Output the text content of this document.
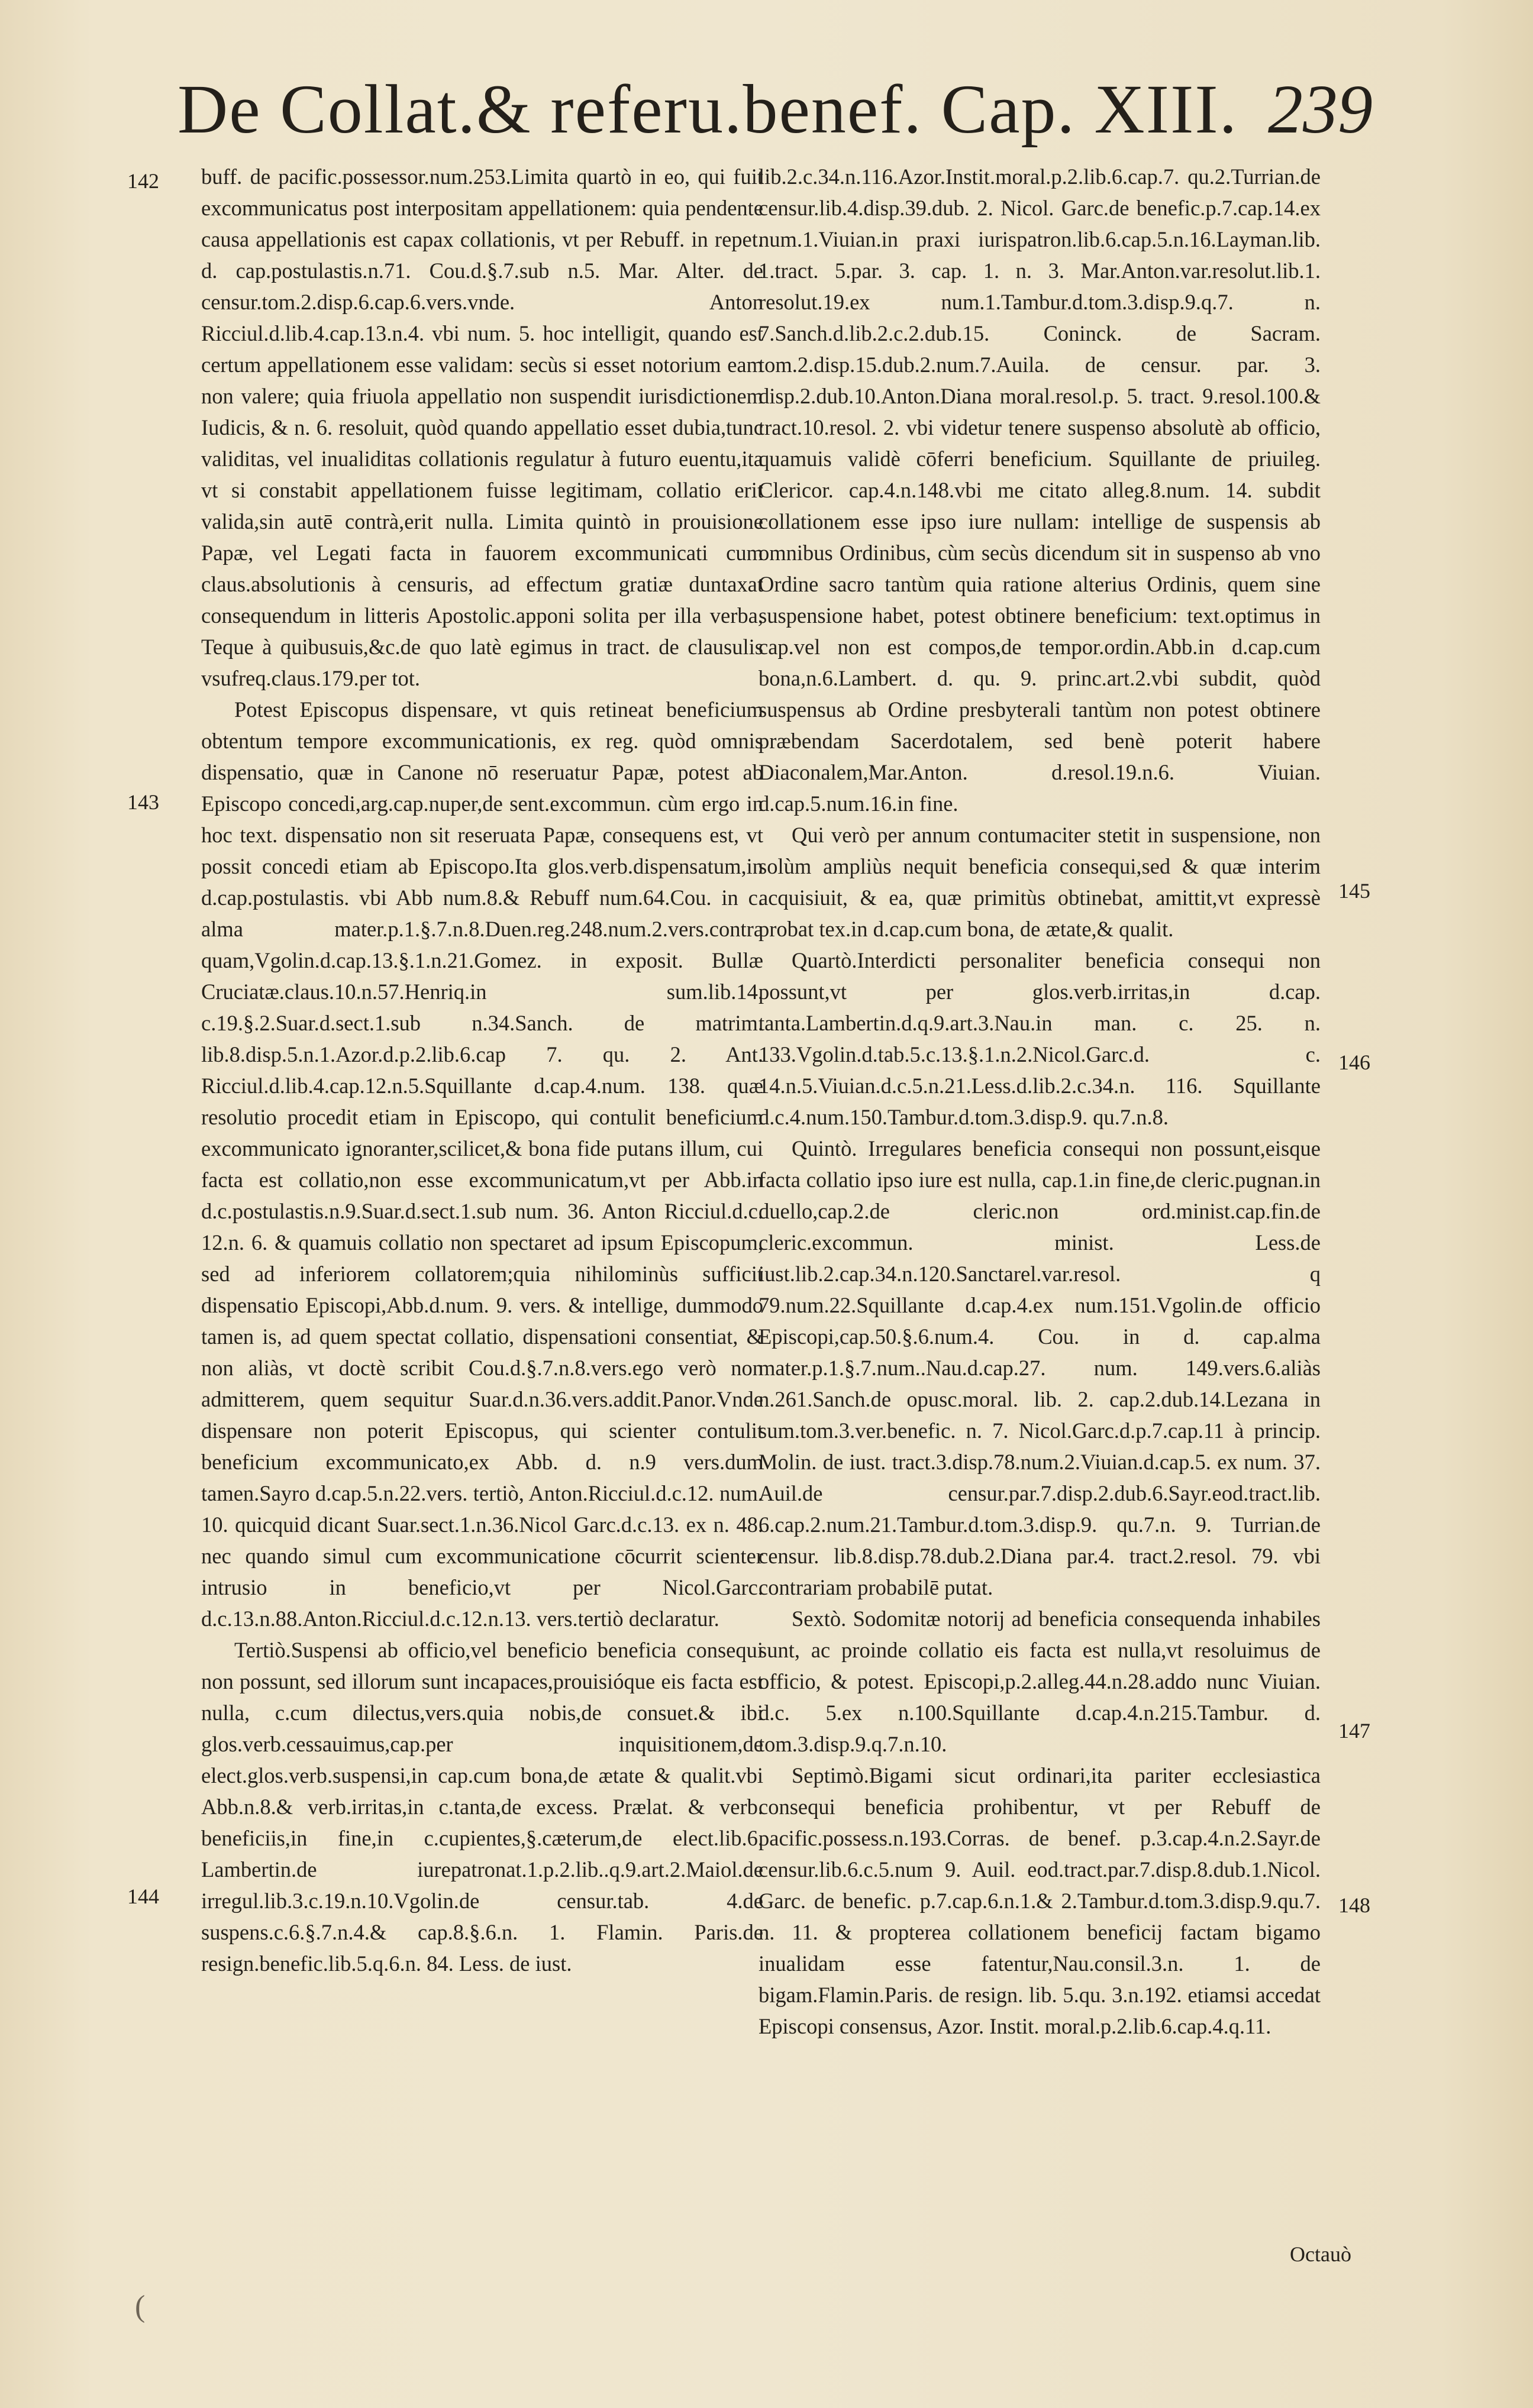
De Collat.& referu.benef. Cap. XIII. 239
142
143
144
145
146
147
148

buff. de pacific.possessor.num.253.Limita quartò in eo, qui fuit excommunicatus post interpositam appellationem: quia pendente causa appellationis est capax collationis, vt per Rebuff. in repet. d. cap.postulastis.n.71. Cou.d.§.7.sub n.5. Mar. Alter. de censur.tom.2.disp.6.cap.6.vers.vnde. Anton Ricciul.d.lib.4.cap.13.n.4. vbi num. 5. hoc intelligit, quando est certum appellationem esse validam: secùs si esset notorium eam non valere; quia friuola appellatio non suspendit iurisdictionem Iudicis, & n. 6. resoluit, quòd quando appellatio esset dubia,tunc validitas, vel inualiditas collationis regulatur à futuro euentu,ita vt si constabit appellationem fuisse legitimam, collatio erit valida,sin autē contrà,erit nulla. Limita quintò in prouisione Papæ, vel Legati facta in fauorem excommunicati cum claus.absolutionis à censuris, ad effectum gratiæ duntaxat consequendum in litteris Apostolic.apponi solita per illa verba, Teque à quibusuis,&c.de quo latè egimus in tract. de clausulis vsufreq.claus.179.per tot.

Potest Episcopus dispensare, vt quis retineat beneficium obtentum tempore excommunicationis, ex reg. quòd omnis dispensatio, quæ in Canone nō reseruatur Papæ, potest ab Episcopo concedi,arg.cap.nuper,de sent.excommun. cùm ergo in hoc text. dispensatio non sit reseruata Papæ, consequens est, vt possit concedi etiam ab Episcopo.Ita glos.verb.dispensatum,in d.cap.postulastis. vbi Abb num.8.& Rebuff num.64.Cou. in c. alma mater.p.1.§.7.n.8.Duen.reg.248.num.2.vers.contra quam,Vgolin.d.cap.13.§.1.n.21.Gomez. in exposit. Bullæ Cruciatæ.claus.10.n.57.Henriq.in sum.lib.14. c.19.§.2.Suar.d.sect.1.sub n.34.Sanch. de matrim. lib.8.disp.5.n.1.Azor.d.p.2.lib.6.cap 7. qu. 2. Ant. Ricciul.d.lib.4.cap.12.n.5.Squillante d.cap.4.num. 138. quæ resolutio procedit etiam in Episcopo, qui contulit beneficium excommunicato ignoranter,scilicet,& bona fide putans illum, cui facta est collatio,non esse excommunicatum,vt per Abb.in d.c.postulastis.n.9.Suar.d.sect.1.sub num. 36. Anton Ricciul.d.c. 12.n. 6. & quamuis collatio non spectaret ad ipsum Episcopum, sed ad inferiorem collatorem;quia nihilominùs sufficit dispensatio Episcopi,Abb.d.num. 9. vers. & intellige, dummodo tamen is, ad quem spectat collatio, dispensationi consentiat, & non aliàs, vt doctè scribit Cou.d.§.7.n.8.vers.ego verò non admitterem, quem sequitur Suar.d.n.36.vers.addit.Panor.Vnde dispensare non poterit Episcopus, qui scienter contulit beneficium excommunicato,ex Abb. d. n.9 vers.dum tamen.Sayro d.cap.5.n.22.vers. tertiò, Anton.Ricciul.d.c.12. num. 10. quicquid dicant Suar.sect.1.n.36.Nicol Garc.d.c.13. ex n. 48. nec quando simul cum excommunicatione cōcurrit scienter intrusio in beneficio,vt per Nicol.Garc. d.c.13.n.88.Anton.Ricciul.d.c.12.n.13. vers.tertiò declaratur.

Tertiò.Suspensi ab officio,vel beneficio beneficia consequi non possunt, sed illorum sunt incapaces,prouisióque eis facta est nulla, c.cum dilectus,vers.quia nobis,de consuet.& ibi glos.verb.cessauimus,cap.per inquisitionem,de elect.glos.verb.suspensi,in cap.cum bona,de ætate & qualit.vbi Abb.n.8.& verb.irritas,in c.tanta,de excess. Prælat. & verb. beneficiis,in fine,in c.cupientes,§.cæterum,de elect.lib.6. Lambertin.de iurepatronat.1.p.2.lib..q.9.art.2.Maiol.de irregul.lib.3.c.19.n.10.Vgolin.de censur.tab. 4.de suspens.c.6.§.7.n.4.& cap.8.§.6.n. 1. Flamin. Paris.de resign.benefic.lib.5.q.6.n. 84. Less. de iust.

lib.2.c.34.n.116.Azor.Instit.moral.p.2.lib.6.cap.7. qu.2.Turrian.de censur.lib.4.disp.39.dub. 2. Nicol. Garc.de benefic.p.7.cap.14.ex num.1.Viuian.in praxi iurispatron.lib.6.cap.5.n.16.Layman.lib. 1.tract. 5.par. 3. cap. 1. n. 3. Mar.Anton.var.resolut.lib.1. resolut.19.ex num.1.Tambur.d.tom.3.disp.9.q.7. n. 7.Sanch.d.lib.2.c.2.dub.15. Coninck. de Sacram. tom.2.disp.15.dub.2.num.7.Auila. de censur. par. 3. disp.2.dub.10.Anton.Diana moral.resol.p. 5. tract. 9.resol.100.& tract.10.resol. 2. vbi videtur tenere suspenso absolutè ab officio, quamuis validè cōferri beneficium. Squillante de priuileg. Clericor. cap.4.n.148.vbi me citato alleg.8.num. 14. subdit collationem esse ipso iure nullam: intellige de suspensis ab omnibus Ordinibus, cùm secùs dicendum sit in suspenso ab vno Ordine sacro tantùm quia ratione alterius Ordinis, quem sine suspensione habet, potest obtinere beneficium: text.optimus in cap.vel non est compos,de tempor.ordin.Abb.in d.cap.cum bona,n.6.Lambert. d. qu. 9. princ.art.2.vbi subdit, quòd suspensus ab Ordine presbyterali tantùm non potest obtinere præbendam Sacerdotalem, sed benè poterit habere Diaconalem,Mar.Anton. d.resol.19.n.6. Viuian. d.cap.5.num.16.in fine.

Qui verò per annum contumaciter stetit in suspensione, non solùm ampliùs nequit beneficia consequi,sed & quæ interim acquisiuit, & ea, quæ primitùs obtinebat, amittit,vt expressè probat tex.in d.cap.cum bona, de ætate,& qualit.

Quartò.Interdicti personaliter beneficia consequi non possunt,vt per glos.verb.irritas,in d.cap. tanta.Lambertin.d.q.9.art.3.Nau.in man. c. 25. n. 133.Vgolin.d.tab.5.c.13.§.1.n.2.Nicol.Garc.d. c. 14.n.5.Viuian.d.c.5.n.21.Less.d.lib.2.c.34.n. 116. Squillante d.c.4.num.150.Tambur.d.tom.3.disp.9. qu.7.n.8.

Quintò. Irregulares beneficia consequi non possunt,eisque facta collatio ipso iure est nulla, cap.1.in fine,de cleric.pugnan.in duello,cap.2.de cleric.non ord.minist.cap.fin.de cleric.excommun. minist. Less.de iust.lib.2.cap.34.n.120.Sanctarel.var.resol. q 79.num.22.Squillante d.cap.4.ex num.151.Vgolin.de officio Episcopi,cap.50.§.6.num.4. Cou. in d. cap.alma mater.p.1.§.7.num..Nau.d.cap.27. num. 149.vers.6.aliàs n.261.Sanch.de opusc.moral. lib. 2. cap.2.dub.14.Lezana in sum.tom.3.ver.benefic. n. 7. Nicol.Garc.d.p.7.cap.11 à princip. Molin. de iust. tract.3.disp.78.num.2.Viuian.d.cap.5. ex num. 37. Auil.de censur.par.7.disp.2.dub.6.Sayr.eod.tract.lib. 6.cap.2.num.21.Tambur.d.tom.3.disp.9. qu.7.n. 9. Turrian.de censur. lib.8.disp.78.dub.2.Diana par.4. tract.2.resol. 79. vbi contrariam probabilē putat.

Sextò. Sodomitæ notorij ad beneficia consequenda inhabiles sunt, ac proinde collatio eis facta est nulla,vt resoluimus de officio, & potest. Episcopi,p.2.alleg.44.n.28.addo nunc Viuian. d.c. 5.ex n.100.Squillante d.cap.4.n.215.Tambur. d. tom.3.disp.9.q.7.n.10.

Septimò.Bigami sicut ordinari,ita pariter ecclesiastica consequi beneficia prohibentur, vt per Rebuff de pacific.possess.n.193.Corras. de benef. p.3.cap.4.n.2.Sayr.de censur.lib.6.c.5.num 9. Auil. eod.tract.par.7.disp.8.dub.1.Nicol. Garc. de benefic. p.7.cap.6.n.1.& 2.Tambur.d.tom.3.disp.9.qu.7. n. 11. & propterea collationem beneficij factam bigamo inualidam esse fatentur,Nau.consil.3.n. 1. de bigam.Flamin.Paris. de resign. lib. 5.qu. 3.n.192. etiamsi accedat Episcopi consensus, Azor. Instit. moral.p.2.lib.6.cap.4.q.11.

Octauò
(
